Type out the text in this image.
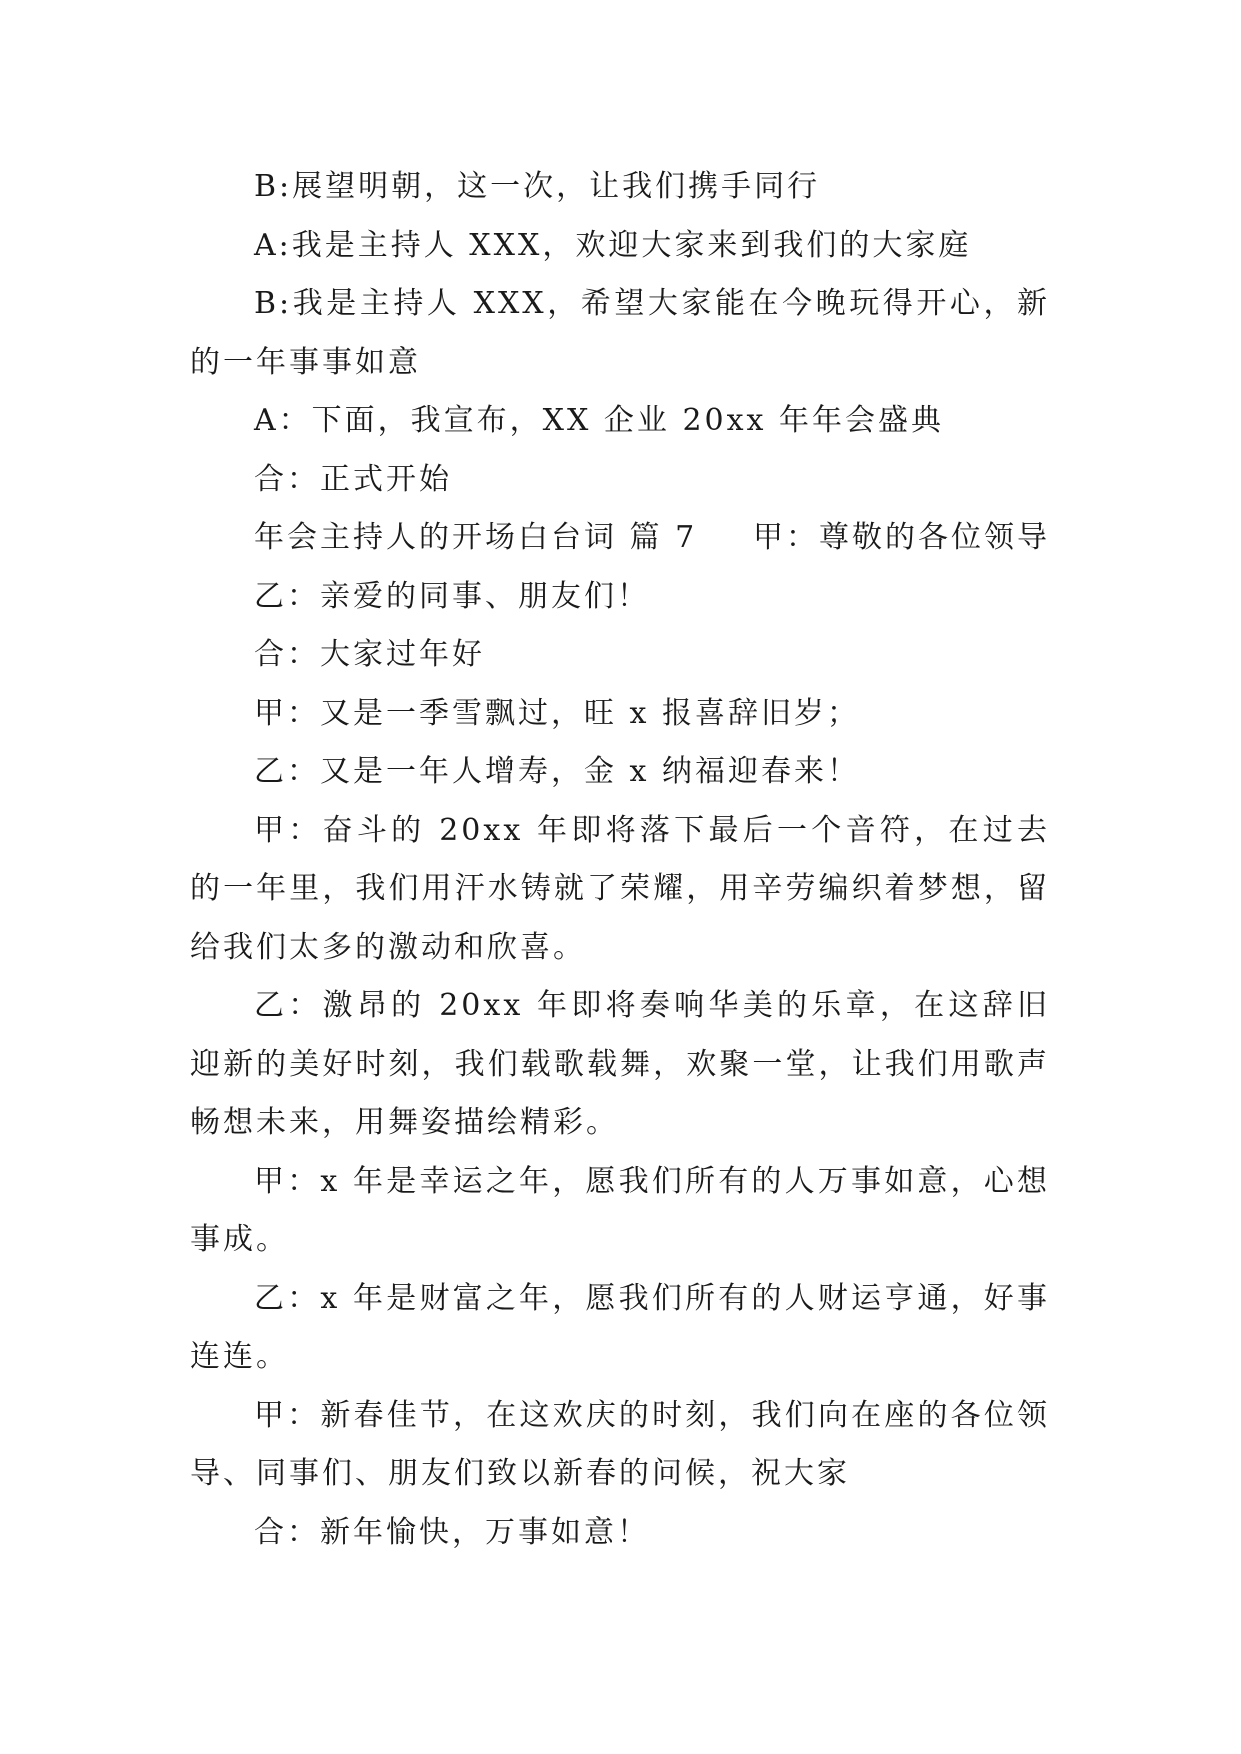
B:展望明朝，这一次，让我们携手同行

A:我是主持人 XXX，欢迎大家来到我们的大家庭

B:我是主持人 XXX，希望大家能在今晚玩得开心，新的一年事事如意

A：下面，我宣布，XX 企业 20xx 年年会盛典

合：正式开始

年会主持人的开场白台词 篇 7 甲：尊敬的各位领导

乙：亲爱的同事、朋友们！

合：大家过年好

甲：又是一季雪飘过，旺 x 报喜辞旧岁；

乙：又是一年人增寿，金 x 纳福迎春来！

甲：奋斗的 20xx 年即将落下最后一个音符，在过去的一年里，我们用汗水铸就了荣耀，用辛劳编织着梦想，留给我们太多的激动和欣喜。

乙：激昂的 20xx 年即将奏响华美的乐章，在这辞旧迎新的美好时刻，我们载歌载舞，欢聚一堂，让我们用歌声畅想未来，用舞姿描绘精彩。

甲：x 年是幸运之年，愿我们所有的人万事如意，心想事成。

乙：x 年是财富之年，愿我们所有的人财运亨通，好事连连。

甲：新春佳节，在这欢庆的时刻，我们向在座的各位领导、同事们、朋友们致以新春的问候，祝大家

合：新年愉快，万事如意！
